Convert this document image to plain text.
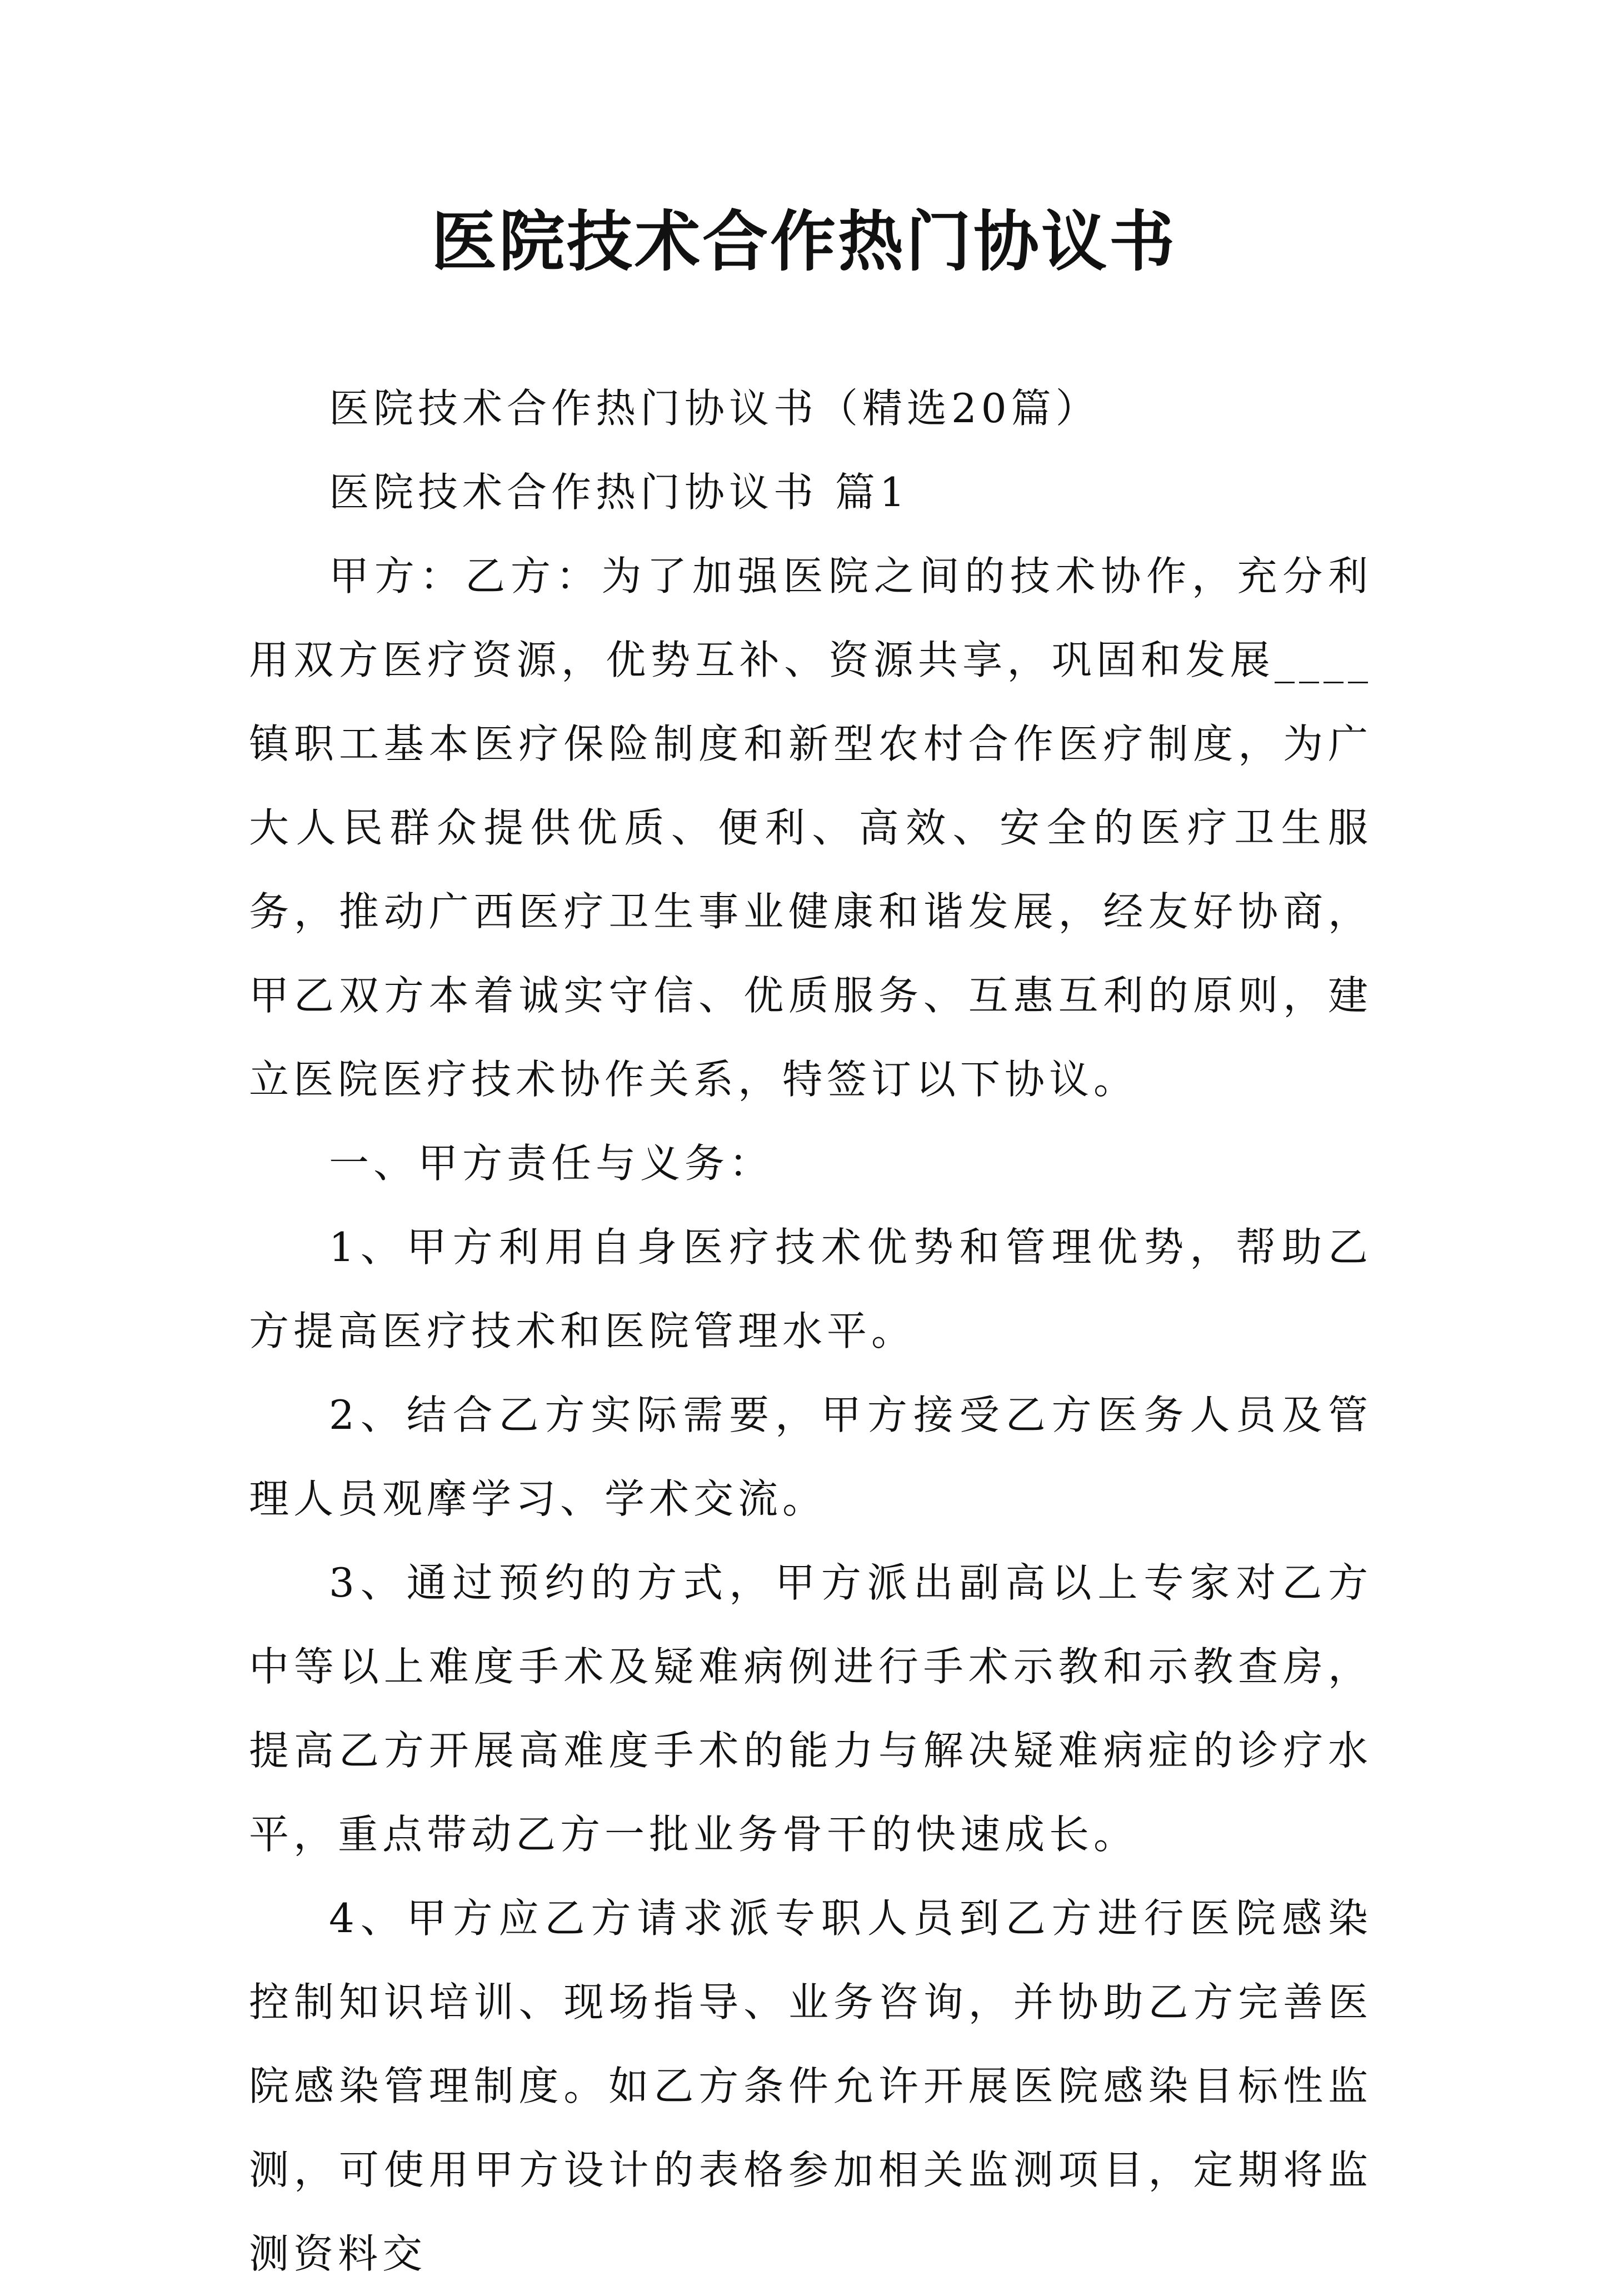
医院技术合作热门协议书

医院技术合作热门协议书（精选20篇）

医院技术合作热门协议书 篇1

甲方：乙方：为了加强医院之间的技术协作，充分利用双方医疗资源，优势互补、资源共享，巩固和发展____镇职工基本医疗保险制度和新型农村合作医疗制度，为广大人民群众提供优质、便利、高效、安全的医疗卫生服务，推动广西医疗卫生事业健康和谐发展，经友好协商，甲乙双方本着诚实守信、优质服务、互惠互利的原则，建立医院医疗技术协作关系，特签订以下协议。

一、甲方责任与义务：

1、甲方利用自身医疗技术优势和管理优势，帮助乙方提高医疗技术和医院管理水平。

2、结合乙方实际需要，甲方接受乙方医务人员及管理人员观摩学习、学术交流。

3、通过预约的方式，甲方派出副高以上专家对乙方中等以上难度手术及疑难病例进行手术示教和示教查房，提高乙方开展高难度手术的能力与解决疑难病症的诊疗水平，重点带动乙方一批业务骨干的快速成长。

4、甲方应乙方请求派专职人员到乙方进行医院感染控制知识培训、现场指导、业务咨询，并协助乙方完善医院感染管理制度。如乙方条件允许开展医院感染目标性监测，可使用甲方设计的表格参加相关监测项目，定期将监测资料交
